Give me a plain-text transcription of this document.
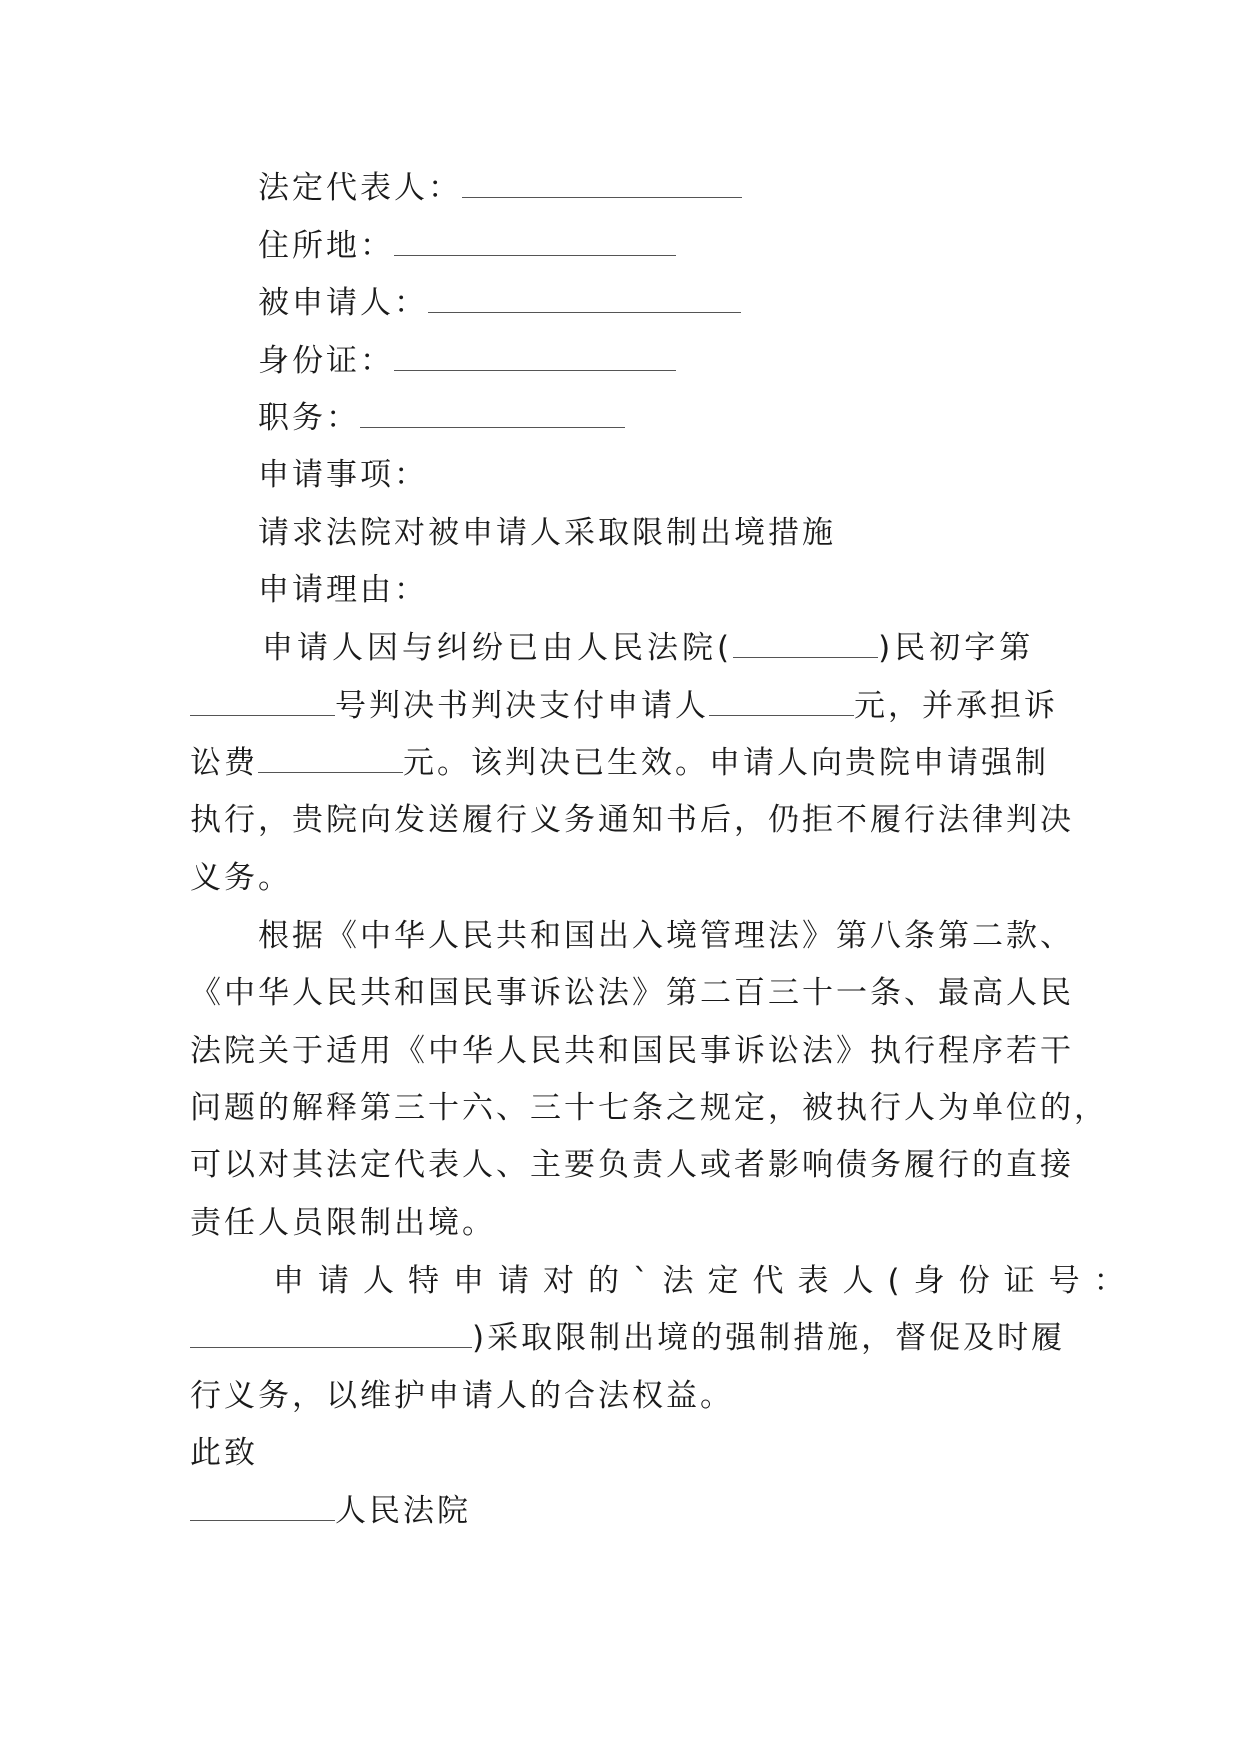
法定代表人：
住所地：
被申请人：
身份证：
职务：
申请事项：
请求法院对被申请人采取限制出境措施
申请理由：
申请人因与纠纷已由人民法院(	)民初字第
号判决书判决支付申请人	元，并承担诉
讼费	元。该判决已生效。申请人向贵院申请强制
执行，贵院向发送履行义务通知书后，仍拒不履行法律判决
义务。
根据《中华人民共和国出入境管理法》第八条第二款、
《中华人民共和国民事诉讼法》第二百三十一条、最高人民
法院关于适用《中华人民共和国民事诉讼法》执行程序若干
问题的解释第三十六、三十七条之规定，被执行人为单位的，
可以对其法定代表人、主要负责人或者影响债务履行的直接
责任人员限制出境。
申请人特申请对的`法定代表人(身份证号：
)采取限制出境的强制措施，督促及时履
行义务，以维护申请人的合法权益。
此致
人民法院
